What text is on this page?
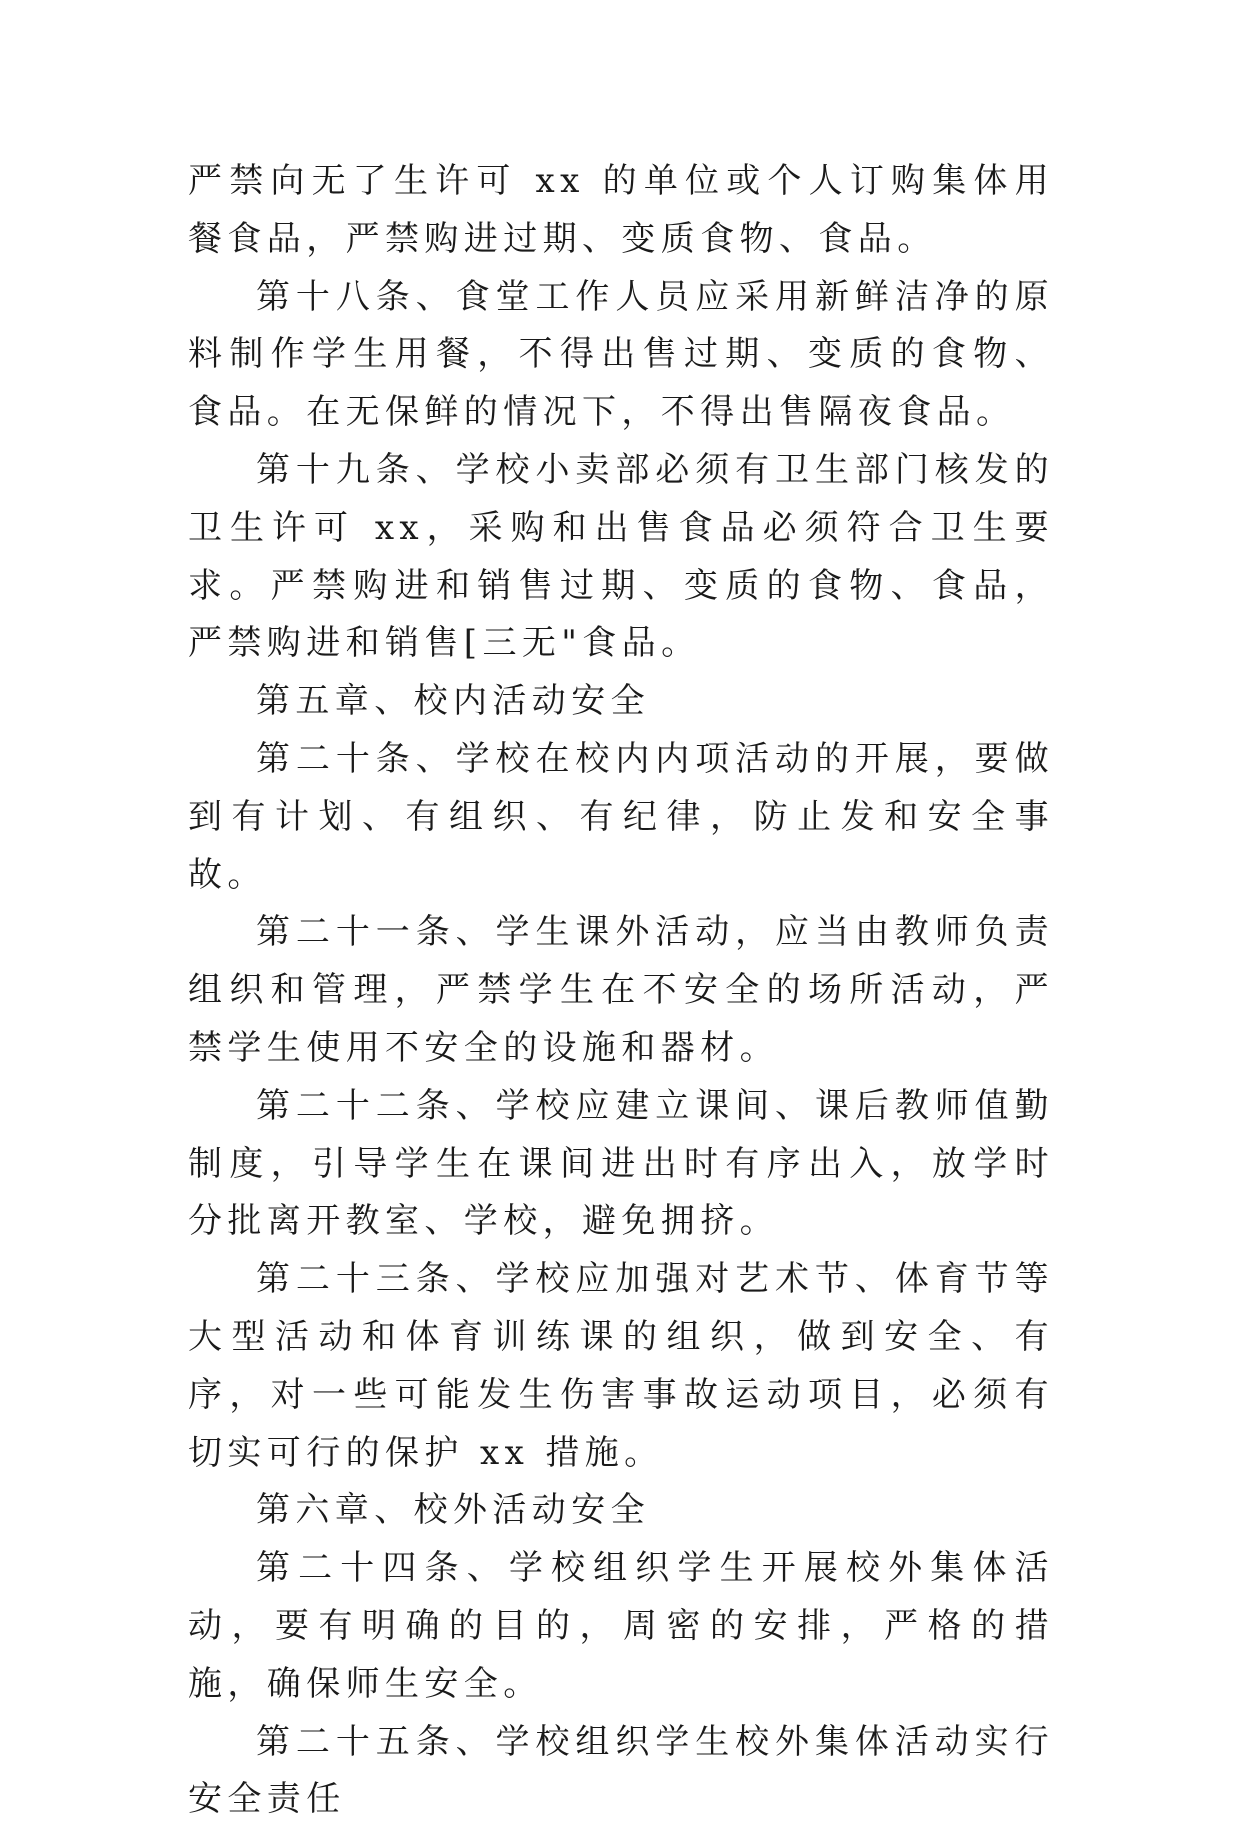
严禁向无了生许可 xx 的单位或个人订购集体用餐食品，严禁购进过期、变质食物、食品。

第十八条、食堂工作人员应采用新鲜洁净的原料制作学生用餐，不得出售过期、变质的食物、食品。在无保鲜的情况下，不得出售隔夜食品。

第十九条、学校小卖部必须有卫生部门核发的卫生许可 xx，采购和出售食品必须符合卫生要求。严禁购进和销售过期、变质的食物、食品，严禁购进和销售[三无"食品。

第五章、校内活动安全

第二十条、学校在校内内项活动的开展，要做到有计划、有组织、有纪律，防止发和安全事故。

第二十一条、学生课外活动，应当由教师负责组织和管理，严禁学生在不安全的场所活动，严禁学生使用不安全的设施和器材。

第二十二条、学校应建立课间、课后教师值勤制度，引导学生在课间进出时有序出入，放学时分批离开教室、学校，避免拥挤。

第二十三条、学校应加强对艺术节、体育节等大型活动和体育训练课的组织，做到安全、有序，对一些可能发生伤害事故运动项目，必须有切实可行的保护 xx 措施。

第六章、校外活动安全

第二十四条、学校组织学生开展校外集体活动，要有明确的目的，周密的安排，严格的措施，确保师生安全。

第二十五条、学校组织学生校外集体活动实行安全责任
